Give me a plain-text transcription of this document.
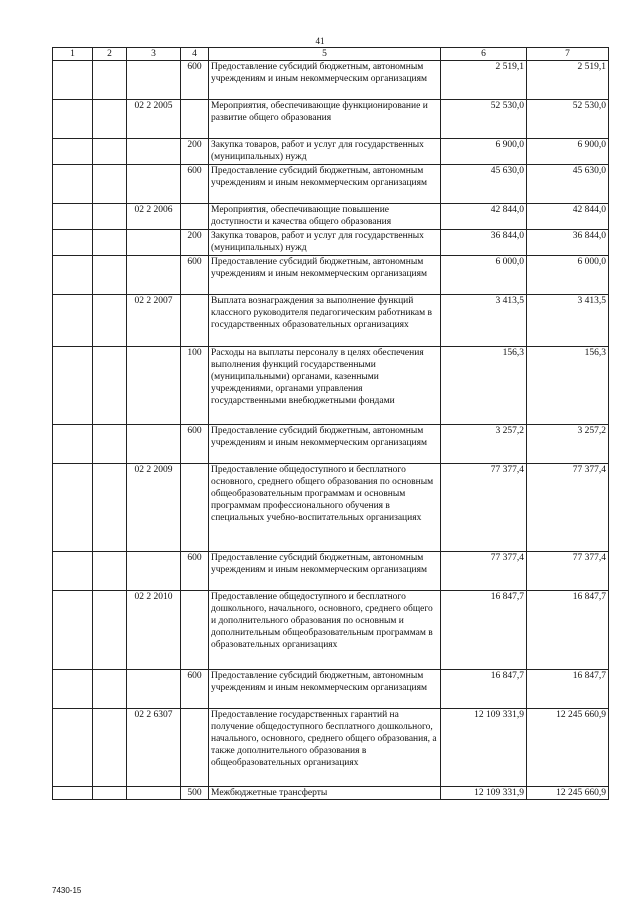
41
1	2	3	4	5	6	7
			600	Предоставление субсидий бюджетным, автономным учреждениям и иным некоммерческим организациям	2 519,1	2 519,1
		02 2 2005		Мероприятия, обеспечивающие функционирование и развитие общего образования	52 530,0	52 530,0
			200	Закупка товаров, работ и услуг для государственных (муниципальных) нужд	6 900,0	6 900,0
			600	Предоставление субсидий бюджетным, автономным учреждениям и иным некоммерческим организациям	45 630,0	45 630,0
		02 2 2006		Мероприятия, обеспечивающие повышение доступности и качества общего образования	42 844,0	42 844,0
			200	Закупка товаров, работ и услуг для государственных (муниципальных) нужд	36 844,0	36 844,0
			600	Предоставление субсидий бюджетным, автономным учреждениям и иным некоммерческим организациям	6 000,0	6 000,0
		02 2 2007		Выплата вознаграждения за выполнение функций классного руководителя педагогическим работникам в государственных образовательных организациях	3 413,5	3 413,5
			100	Расходы на выплаты персоналу в целях обеспечения выполнения функций государственными (муниципальными) органами, казенными учреждениями, органами управления государственными внебюджетными фондами	156,3	156,3
			600	Предоставление субсидий бюджетным, автономным учреждениям и иным некоммерческим организациям	3 257,2	3 257,2
		02 2 2009		Предоставление общедоступного и бесплатного основного, среднего общего образования по основным общеобразовательным программам и основным программам профессионального обучения в специальных учебно-воспитательных организациях	77 377,4	77 377,4
			600	Предоставление субсидий бюджетным, автономным учреждениям и иным некоммерческим организациям	77 377,4	77 377,4
		02 2 2010		Предоставление общедоступного и бесплатного дошкольного, начального, основного, среднего общего и дополнительного образования по основным и дополнительным общеобразовательным программам в образовательных организациях	16 847,7	16 847,7
			600	Предоставление субсидий бюджетным, автономным учреждениям и иным некоммерческим организациям	16 847,7	16 847,7
		02 2 6307		Предоставление государственных гарантий на получение общедоступного бесплатного дошкольного, начального, основного, среднего общего образования, а также дополнительного образования в общеобразовательных организациях	12 109 331,9	12 245 660,9
			500	Межбюджетные трансферты	12 109 331,9	12 245 660,9
7430-15
